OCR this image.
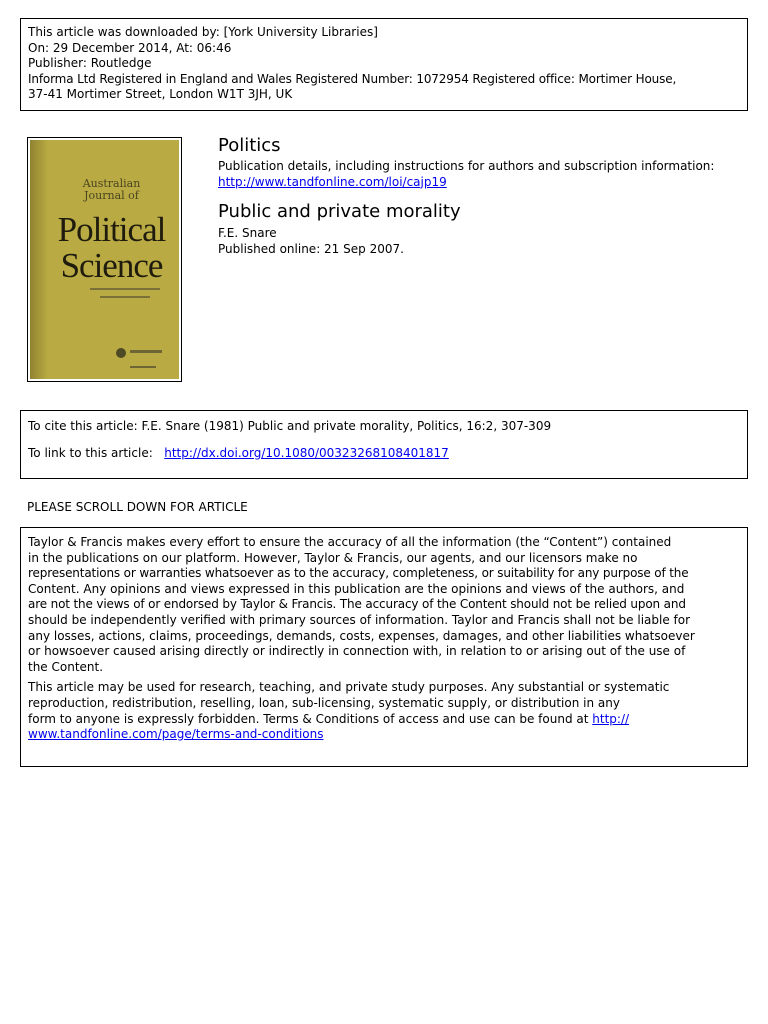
This article was downloaded by: [York University Libraries]
On: 29 December 2014, At: 06:46
Publisher: Routledge
Informa Ltd Registered in England and Wales Registered Number: 1072954 Registered office: Mortimer House,
37-41 Mortimer Street, London W1T 3JH, UK
Australian
Journal of
Political
Science
Politics
Publication details, including instructions for authors and subscription information:
http://www.tandfonline.com/loi/cajp19
Public and private morality
F.E. Snare
Published online: 21 Sep 2007.
To cite this article: F.E. Snare (1981) Public and private morality, Politics, 16:2, 307-309
To link to this article: http://dx.doi.org/10.1080/00323268108401817
PLEASE SCROLL DOWN FOR ARTICLE
Taylor & Francis makes every effort to ensure the accuracy of all the information (the “Content”) contained
in the publications on our platform. However, Taylor & Francis, our agents, and our licensors make no
representations or warranties whatsoever as to the accuracy, completeness, or suitability for any purpose of the
Content. Any opinions and views expressed in this publication are the opinions and views of the authors, and
are not the views of or endorsed by Taylor & Francis. The accuracy of the Content should not be relied upon and
should be independently verified with primary sources of information. Taylor and Francis shall not be liable for
any losses, actions, claims, proceedings, demands, costs, expenses, damages, and other liabilities whatsoever
or howsoever caused arising directly or indirectly in connection with, in relation to or arising out of the use of
the Content.
This article may be used for research, teaching, and private study purposes. Any substantial or systematic
reproduction, redistribution, reselling, loan, sub-licensing, systematic supply, or distribution in any
form to anyone is expressly forbidden. Terms & Conditions of access and use can be found at http://
www.tandfonline.com/page/terms-and-conditions
